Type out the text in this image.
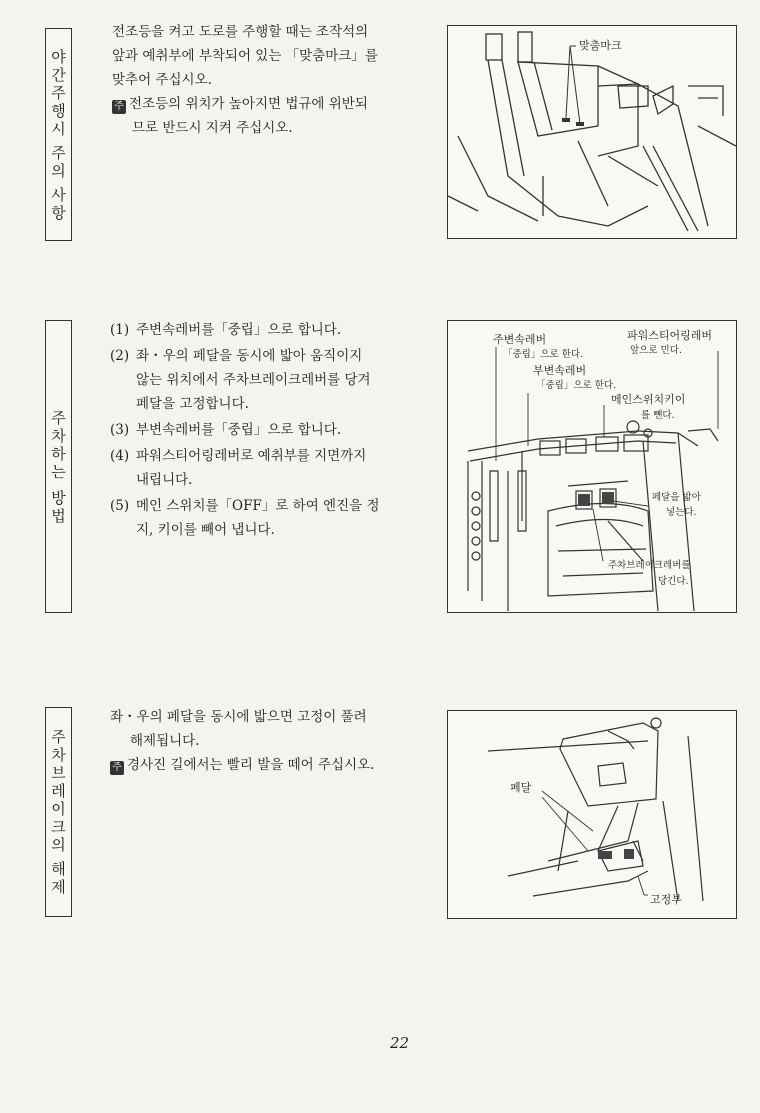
야
간
주
행
시
주
의
사
항

전조등을 켜고 도로를 주행할 때는 조작석의

앞과 예취부에 부착되어 있는 「맞춤마크」를

맞추어 주십시오.

주 전조등의 위치가 높아지면 법규에 위반되

므로 반드시 지켜 주십시오.

맞춤마크
주
차
하
는
방
법
(1) 주변속레버를「중립」으로 합니다.
(2) 좌・우의 페달을 동시에 밟아 움직이지
않는 위치에서 주차브레이크레버를 당겨
페달을 고정합니다.
(3) 부변속레버를「중립」으로 합니다.
(4) 파워스티어링레버로 예취부를 지면까지
내립니다.
(5) 메인 스위치를「OFF」로 하여 엔진을 정
지, 키이를 빼어 냅니다.
주변속레버
「중립」으로 한다.
부변속레버
「중립」으로 한다.
파워스티어링레버
앞으로 민다.
메인스위치키이
를 뺀다.
페달을 밟아
넣는다.
주차브레이크레버를
당긴다.
주
차
브
레
이
크
의
해
제

좌・우의 페달을 동시에 밟으면 고정이 풀려

해제됩니다.

주 경사진 길에서는 빨리 발을 떼어 주십시오.

페달
고정부
22
